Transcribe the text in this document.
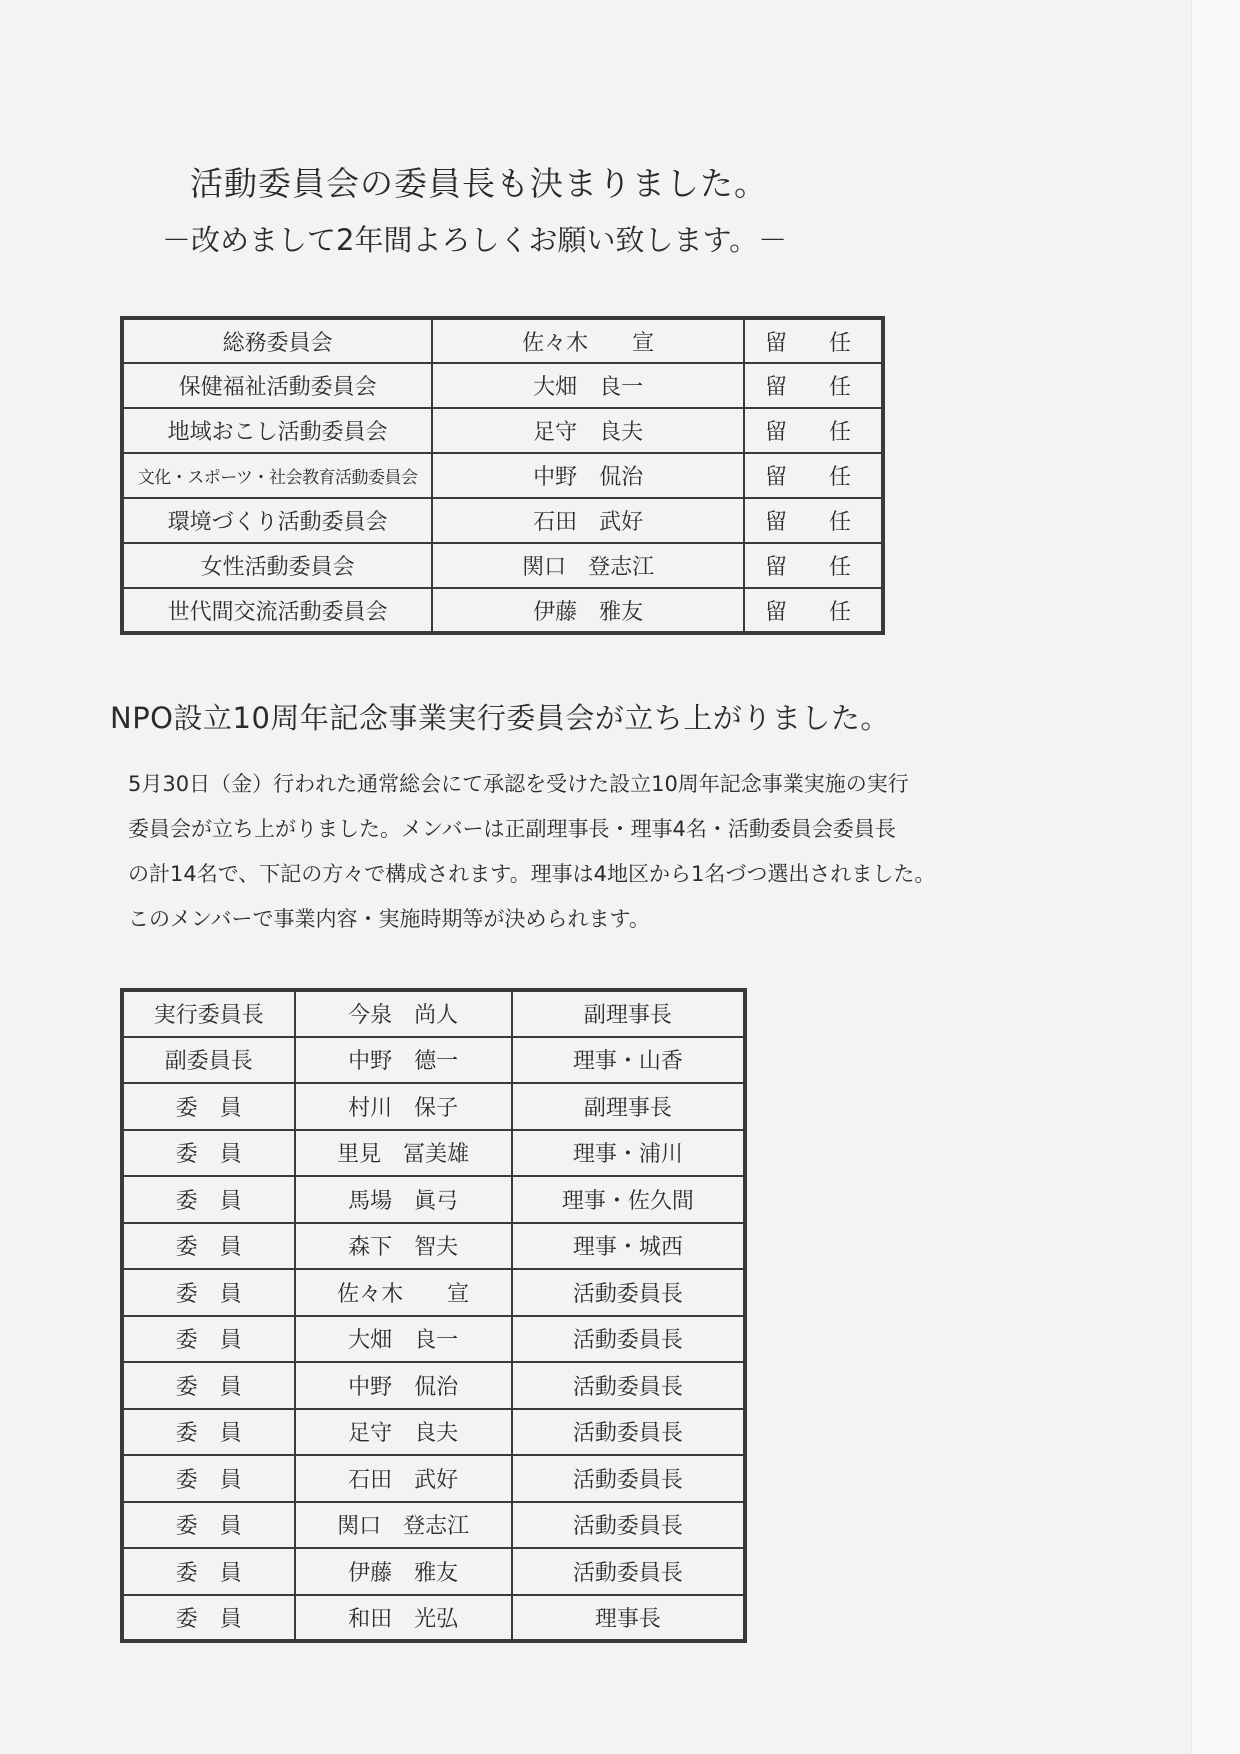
活動委員会の委員長も決まりました。
－改めまして2年間よろしくお願い致します。－
総務委員会	佐々木　　宣	留　任
保健福祉活動委員会	大畑　良一	留　任
地域おこし活動委員会	足守　良夫	留　任
文化・スポーツ・社会教育活動委員会	中野　侃治	留　任
環境づくり活動委員会	石田　武好	留　任
女性活動委員会	関口　登志江	留　任
世代間交流活動委員会	伊藤　雅友	留　任
NPO設立10周年記念事業実行委員会が立ち上がりました。
5月30日（金）行われた通常総会にて承認を受けた設立10周年記念事業実施の実行
委員会が立ち上がりました。メンバーは正副理事長・理事4名・活動委員会委員長
の計14名で、下記の方々で構成されます。理事は4地区から1名づつ選出されました。
このメンバーで事業内容・実施時期等が決められます。
実行委員長	今泉　尚人	副理事長
副委員長	中野　德一	理事・山香
委　員	村川　保子	副理事長
委　員	里見　冨美雄	理事・浦川
委　員	馬場　眞弓	理事・佐久間
委　員	森下　智夫	理事・城西
委　員	佐々木　　宣	活動委員長
委　員	大畑　良一	活動委員長
委　員	中野　侃治	活動委員長
委　員	足守　良夫	活動委員長
委　員	石田　武好	活動委員長
委　員	関口　登志江	活動委員長
委　員	伊藤　雅友	活動委員長
委　員	和田　光弘	理事長
